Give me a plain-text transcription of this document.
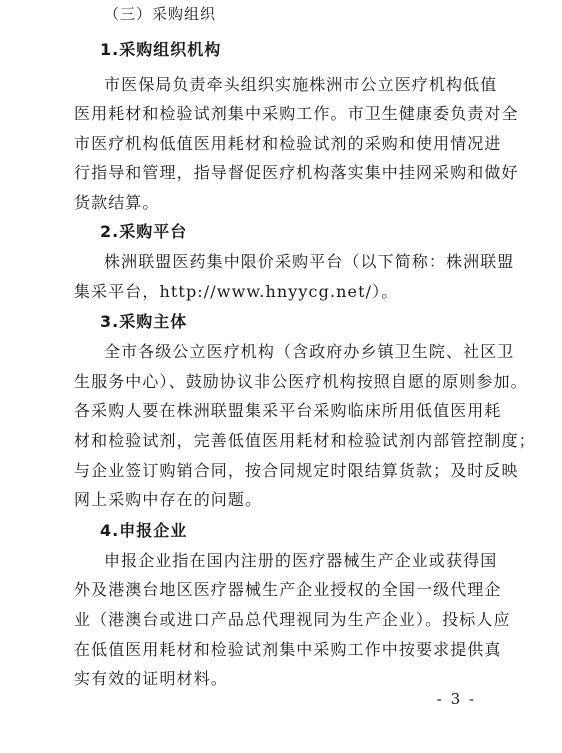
（三）采购组织
1.采购组织机构
市医保局负责牵头组织实施株洲市公立医疗机构低值
医用耗材和检验试剂集中采购工作。市卫生健康委负责对全
市医疗机构低值医用耗材和检验试剂的采购和使用情况进
行指导和管理，指导督促医疗机构落实集中挂网采购和做好
货款结算。
2.采购平台
株洲联盟医药集中限价采购平台（以下简称：株洲联盟
集采平台，http://www.hnyycg.net/）。
3.采购主体
全市各级公立医疗机构（含政府办乡镇卫生院、社区卫
生服务中心）、鼓励协议非公医疗机构按照自愿的原则参加。
各采购人要在株洲联盟集采平台采购临床所用低值医用耗
材和检验试剂，完善低值医用耗材和检验试剂内部管控制度；
与企业签订购销合同，按合同规定时限结算货款；及时反映
网上采购中存在的问题。
4.申报企业
申报企业指在国内注册的医疗器械生产企业或获得国
外及港澳台地区医疗器械生产企业授权的全国一级代理企
业（港澳台或进口产品总代理视同为生产企业）。投标人应
在低值医用耗材和检验试剂集中采购工作中按要求提供真
实有效的证明材料。
- 3 -
